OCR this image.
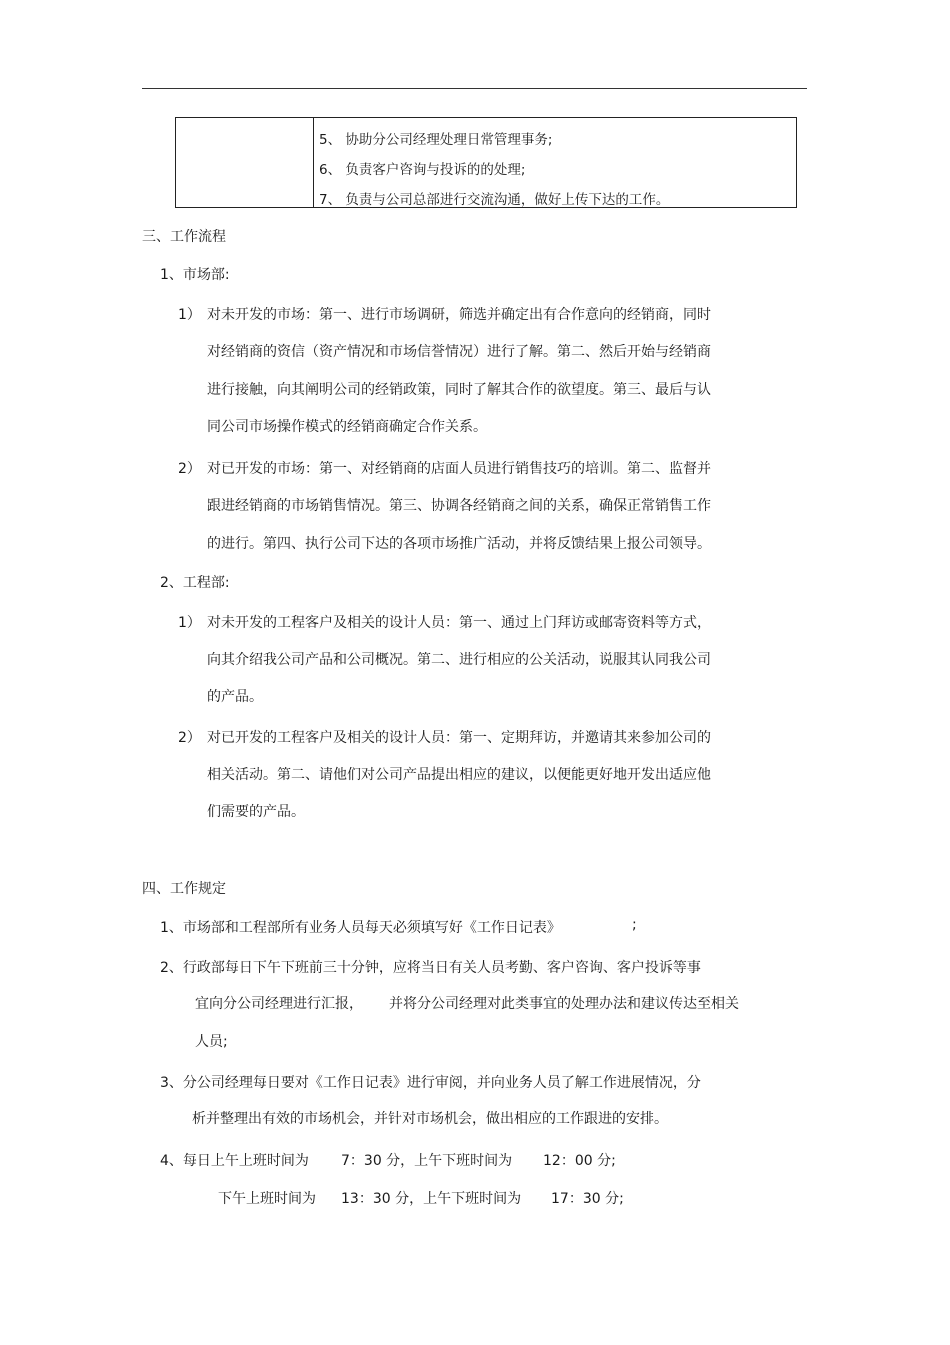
5、 协助分公司经理处理日常管理事务;
6、 负责客户咨询与投诉的的处理;
7、 负责与公司总部进行交流沟通，做好上传下达的工作。
三、工作流程
1、市场部:
1） 对未开发的市场：第一、进行市场调研，筛选并确定出有合作意向的经销商，同时
对经销商的资信（资产情况和市场信誉情况）进行了解。第二、然后开始与经销商
进行接触，向其阐明公司的经销政策，同时了解其合作的欲望度。第三、最后与认
同公司市场操作模式的经销商确定合作关系。
2） 对已开发的市场：第一、对经销商的店面人员进行销售技巧的培训。第二、监督并
跟进经销商的市场销售情况。第三、协调各经销商之间的关系，确保正常销售工作
的进行。第四、执行公司下达的各项市场推广活动，并将反馈结果上报公司领导。
2、工程部:
1） 对未开发的工程客户及相关的设计人员：第一、通过上门拜访或邮寄资料等方式，
向其介绍我公司产品和公司概况。第二、进行相应的公关活动，说服其认同我公司
的产品。
2） 对已开发的工程客户及相关的设计人员：第一、定期拜访，并邀请其来参加公司的
相关活动。第二、请他们对公司产品提出相应的建议，以便能更好地开发出适应他
们需要的产品。
四、工作规定
1、市场部和工程部所有业务人员每天必须填写好《工作日记表》	;
2、行政部每日下午下班前三十分钟，应将当日有关人员考勤、客户咨询、客户投诉等事
宜向分公司经理进行汇报， 并将分公司经理对此类事宜的处理办法和建议传达至相关
人员;
3、分公司经理每日要对《工作日记表》进行审阅，并向业务人员了解工作进展情况，分
析并整理出有效的市场机会，并针对市场机会，做出相应的工作跟进的安排。
4、每日上午上班时间为 7：30 分，上午下班时间为 12：00 分;
下午上班时间为 13：30 分，上午下班时间为 17：30 分;
